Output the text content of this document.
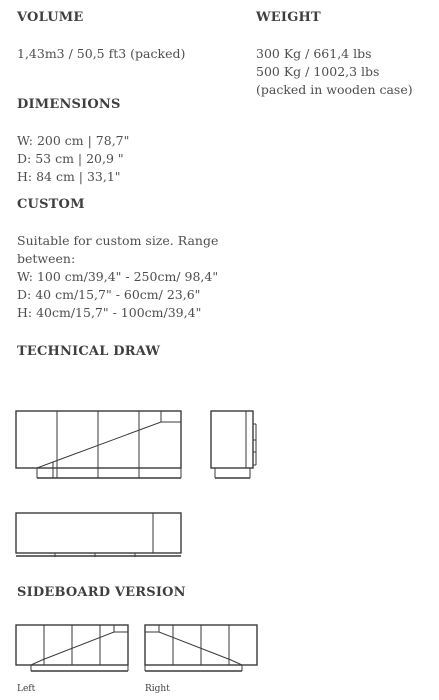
VOLUME

1,43m3 / 50,5 ft3 (packed)

WEIGHT
300 Kg / 661,4 lbs
500 Kg / 1002,3 lbs
(packed in wooden case)
DIMENSIONS
W: 200 cm | 78,7"
D: 53 cm | 20,9 "
H: 84 cm | 33,1"
CUSTOM
Suitable for custom size. Range
between:
W: 100 cm/39,4" - 250cm/ 98,4"
D: 40 cm/15,7" - 60cm/ 23,6"
H: 40cm/15,7" - 100cm/39,4"
TECHNICAL DRAW
SIDEBOARD VERSION
Left	Right
